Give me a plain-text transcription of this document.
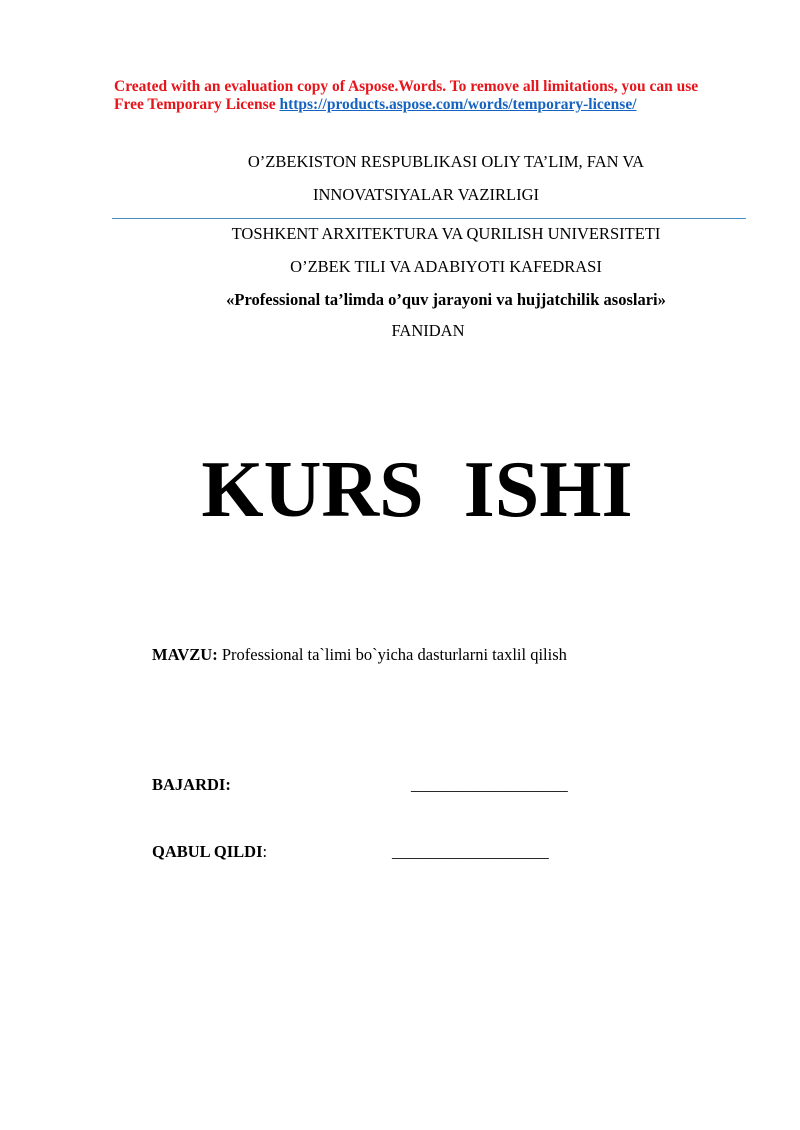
Created with an evaluation copy of Aspose.Words. To remove all limitations, you can use
Free Temporary License https://products.aspose.com/words/temporary-license/
O’ZBEKISTON RESPUBLIKASI OLIY TA’LIM, FAN VA
INNOVATSIYALAR VAZIRLIGI
TOSHKENT ARXITEKTURA VA QURILISH UNIVERSITETI
O’ZBEK TILI VA ADABIYOTI KAFEDRASI
«Professional ta’limda o’quv jarayoni va hujjatchilik asoslari»
FANIDAN
KURS  ISHI
MAVZU: Professional ta`limi bo`yicha dasturlarni taxlil qilish
BAJARDI:	___________________
QABUL QILDI:	___________________
